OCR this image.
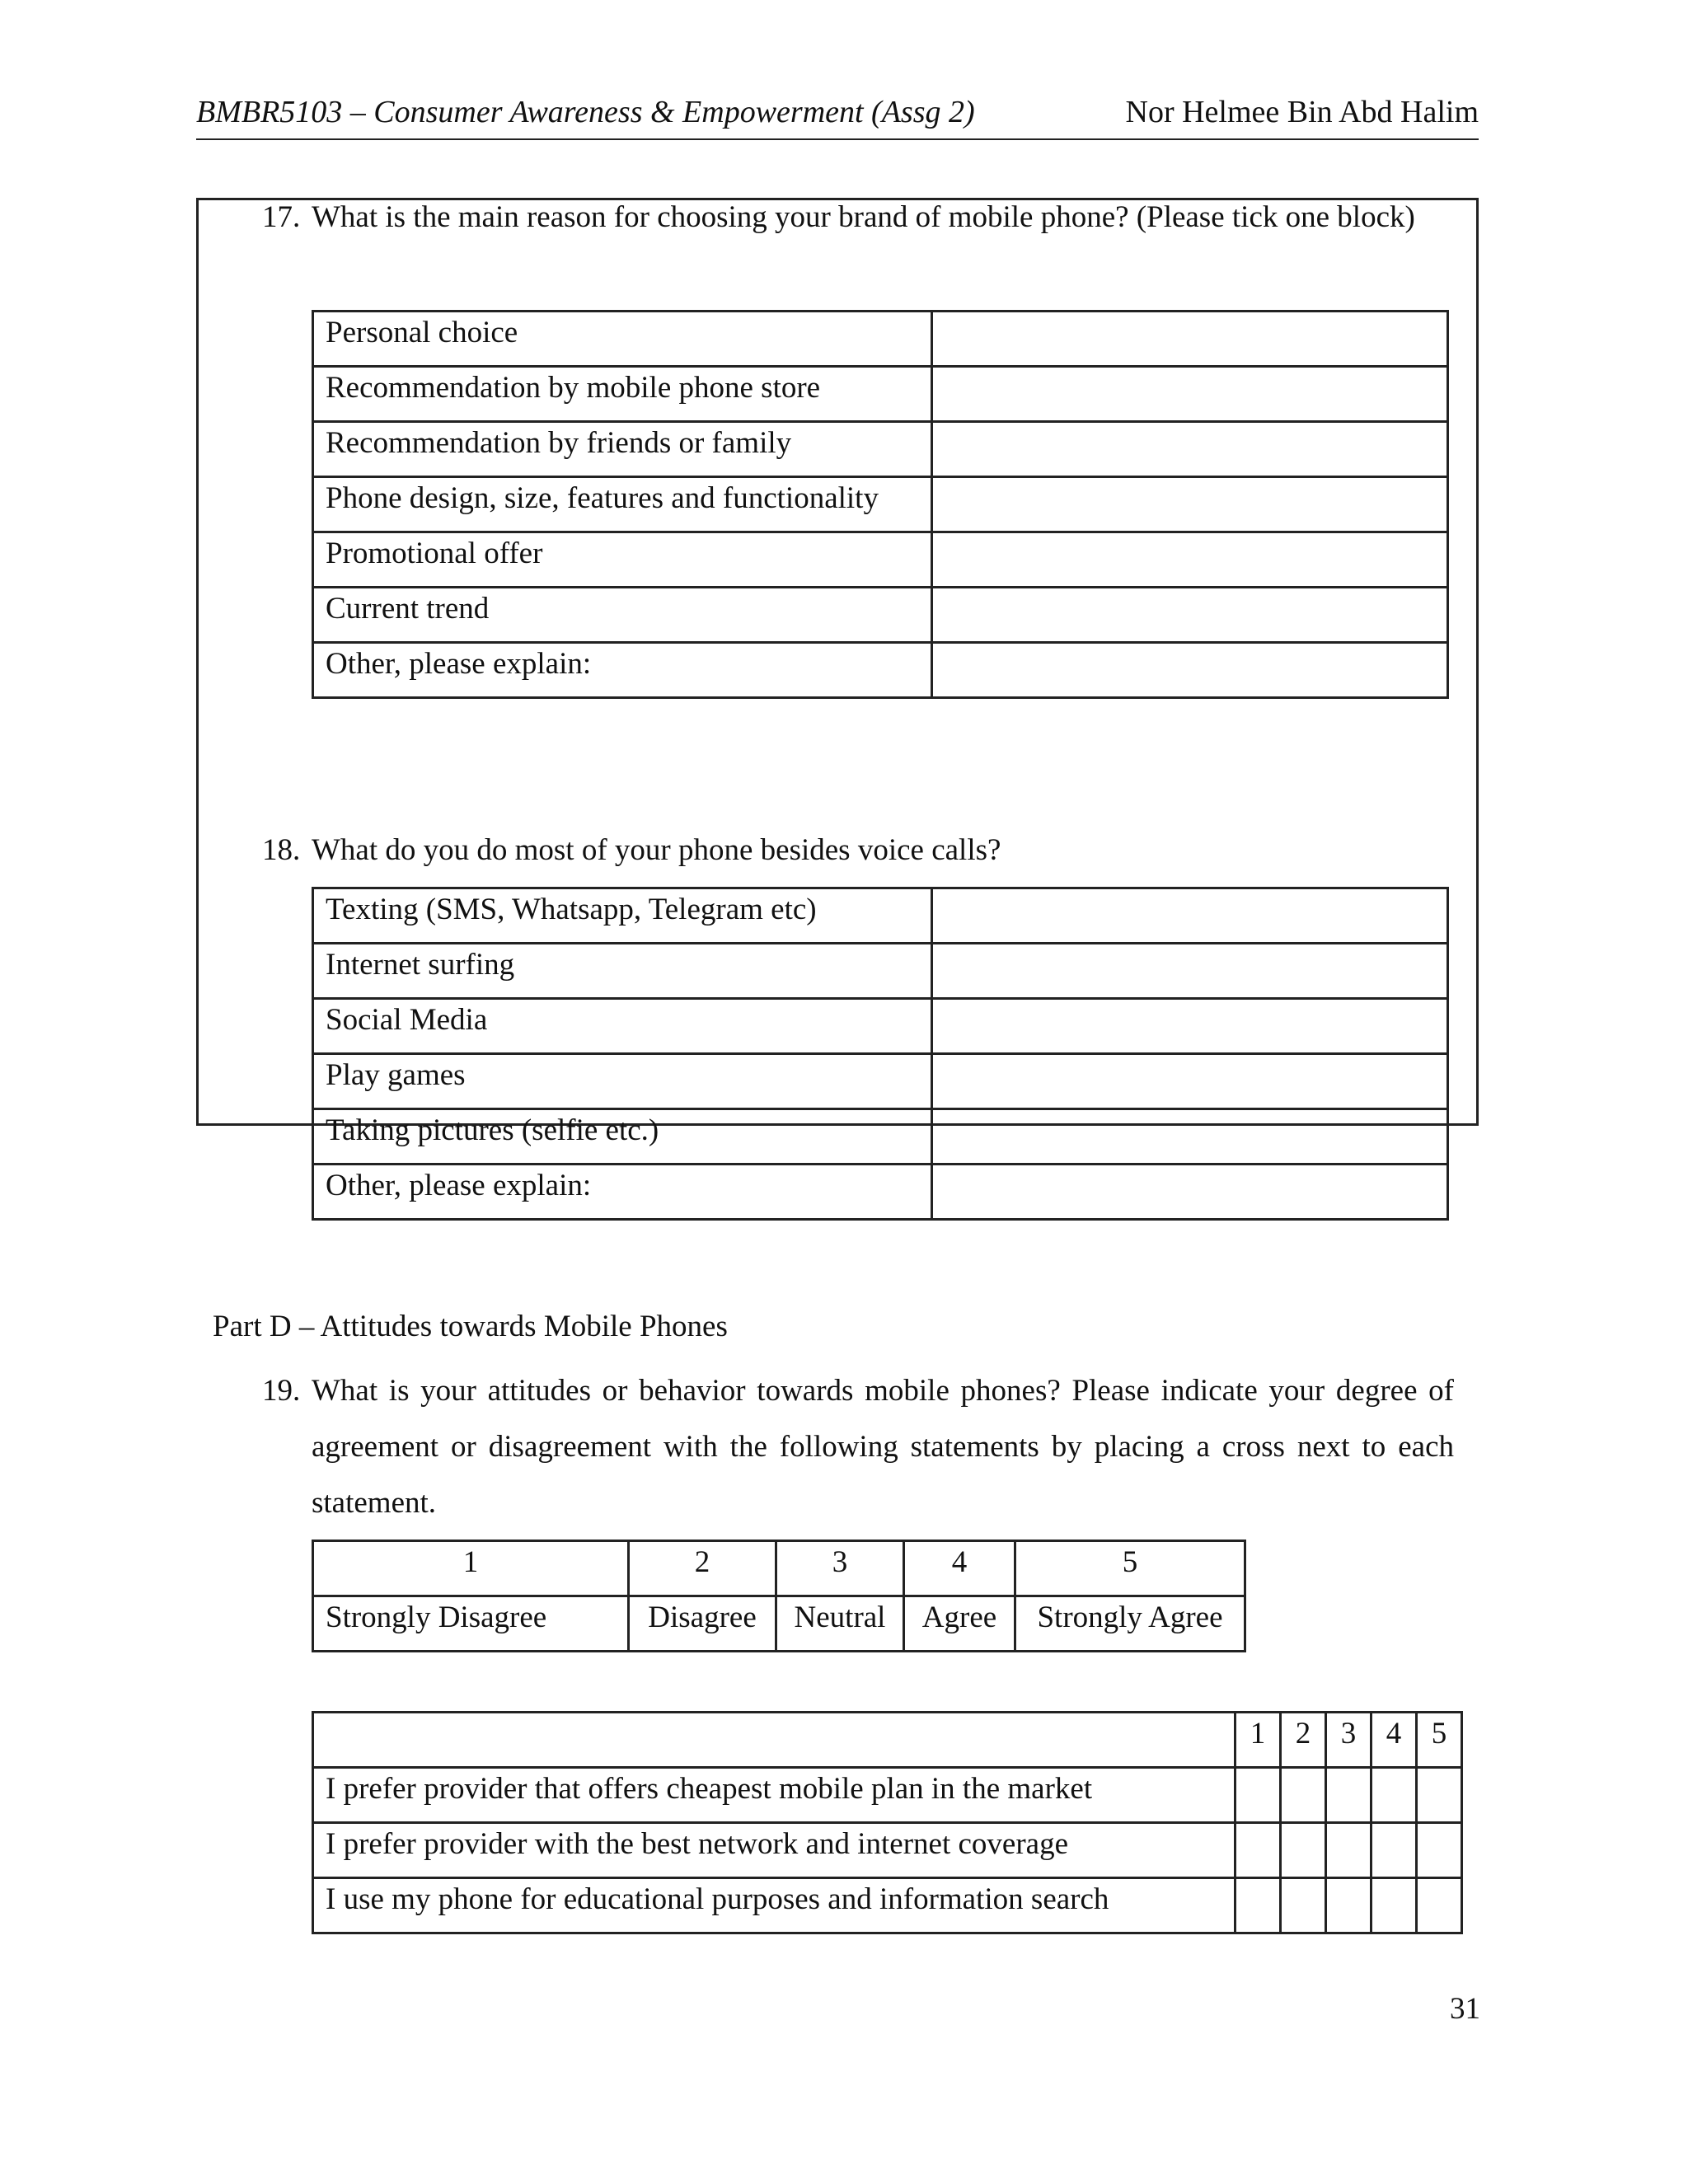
BMBR5103 – Consumer Awareness & Empowerment (Assg 2)	Nor Helmee Bin Abd Halim
17. What is the main reason for choosing your brand of mobile phone? (Please tick one block)
Personal choice	
Recommendation by mobile phone store	
Recommendation by friends or family	
Phone design, size, features and functionality	
Promotional offer	
Current trend	
Other, please explain:	
18. What do you do most of your phone besides voice calls?
Texting (SMS, Whatsapp, Telegram etc)	
Internet surfing	
Social Media	
Play games	
Taking pictures (selfie etc.)	
Other, please explain:	
Part D – Attitudes towards Mobile Phones
19. What is your attitudes or behavior towards mobile phones? Please indicate your degree of agreement or disagreement with the following statements by placing a cross next to each statement.
1	2	3	4	5
Strongly Disagree	Disagree	Neutral	Agree	Strongly Agree
	1	2	3	4	5
I prefer provider that offers cheapest mobile plan in the market					
I prefer provider with the best network and internet coverage					
I use my phone for educational purposes and information search					
31
